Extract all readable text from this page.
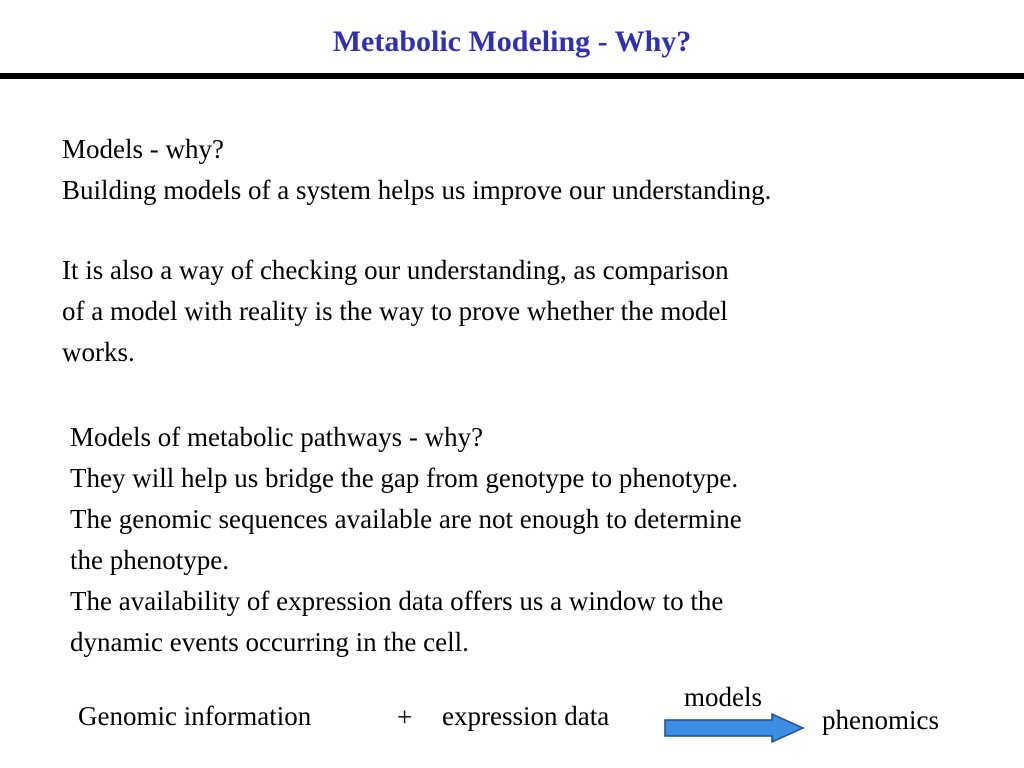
Metabolic Modeling - Why?
Models - why?
Building models of a system helps us improve our understanding.
It is also a way of checking our understanding, as comparison
of a model with reality is the way to prove whether the model
works.
Models of metabolic pathways - why?
They will help us bridge the gap from genotype to phenotype.
The genomic sequences available are not enough to determine
the phenotype.
The availability of expression data offers us a window to the
dynamic events occurring in the cell.
Genomic information	+ expression data
models
phenomics
